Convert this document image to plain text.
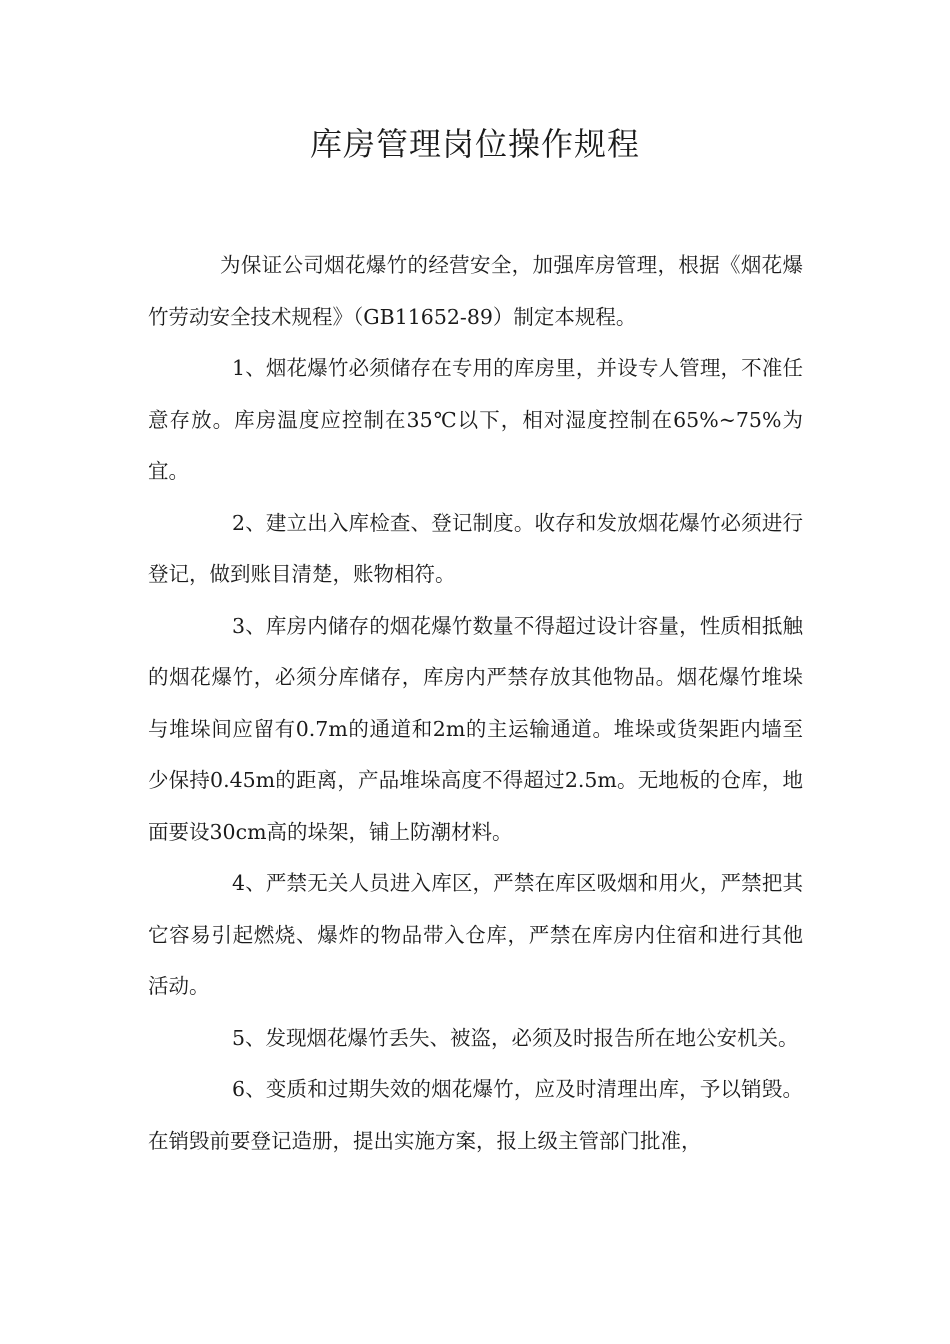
库房管理岗位操作规程

为保证公司烟花爆竹的经营安全，加强库房管理，根据《烟花爆竹劳动安全技术规程》（GB11652-89）制定本规程。

1、烟花爆竹必须储存在专用的库房里，并设专人管理，不准任意存放。库房温度应控制在35℃以下，相对湿度控制在65%~75%为宜。

2、建立出入库检查、登记制度。收存和发放烟花爆竹必须进行登记，做到账目清楚，账物相符。

3、库房内储存的烟花爆竹数量不得超过设计容量，性质相抵触的烟花爆竹，必须分库储存，库房内严禁存放其他物品。烟花爆竹堆垛与堆垛间应留有0.7m的通道和2m的主运输通道。堆垛或货架距内墙至少保持0.45m的距离，产品堆垛高度不得超过2.5m。无地板的仓库，地面要设30cm高的垛架，铺上防潮材料。

4、严禁无关人员进入库区，严禁在库区吸烟和用火，严禁把其它容易引起燃烧、爆炸的物品带入仓库，严禁在库房内住宿和进行其他活动。

5、发现烟花爆竹丢失、被盗，必须及时报告所在地公安机关。

6、变质和过期失效的烟花爆竹，应及时清理出库，予以销毁。在销毁前要登记造册，提出实施方案，报上级主管部门批准，
